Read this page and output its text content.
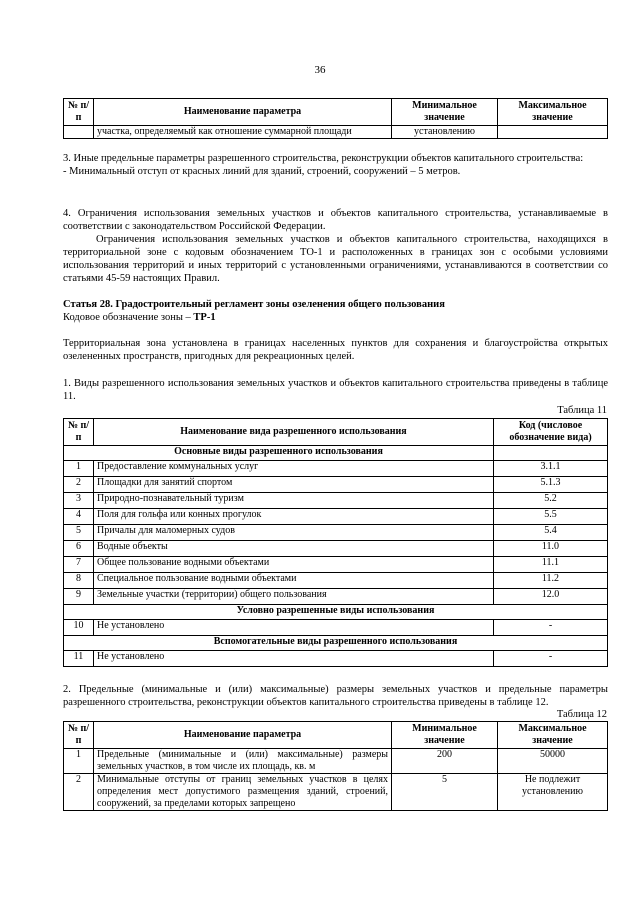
36
№ п/п	Наименование параметра	Минимальное значение	Максимальное значение
	участка, определяемый как отношение суммарной площади	установлению	

3. Иные предельные параметры разрешенного строительства, реконструкции объектов капитального строительства:
- Минимальный отступ от красных линий для зданий, строений, сооружений – 5 метров.

4. Ограничения использования земельных участков и объектов капитального строительства, устанавливаемые в соответствии с законодательством Российской Федерации.

Ограничения использования земельных участков и объектов капитального строительства, находящихся в территориальной зоне с кодовым обозначением ТО-1 и расположенных в границах зон с особыми условиями использования территорий и иных территорий с установленными ограничениями, устанавливаются в соответствии со статьями 45-59 настоящих Правил.

Статья 28. Градостроительный регламент зоны озеленения общего пользования
Кодовое обозначение зоны – ТР-1

Территориальная зона установлена в границах населенных пунктов для сохранения и благоустройства открытых озелененных пространств, пригодных для рекреационных целей.

1. Виды разрешенного использования земельных участков и объектов капитального строительства приведены в таблице 11.

Таблица 11
№ п/п	Наименование вида разрешенного использования	Код (числовое обозначение вида)
Основные виды разрешенного использования		
1	Предоставление коммунальных услуг	3.1.1
2	Площадки для занятий спортом	5.1.3
3	Природно-познавательный туризм	5.2
4	Поля для гольфа или конных прогулок	5.5
5	Причалы для маломерных судов	5.4
6	Водные объекты	11.0
7	Общее пользование водными объектами	11.1
8	Специальное пользование водными объектами	11.2
9	Земельные участки (территории) общего пользования	12.0
Условно разрешенные виды использования		
10	Не установлено	-
Вспомогательные виды разрешенного использования		
11	Не установлено	-

2. Предельные (минимальные и (или) максимальные) размеры земельных участков и предельные параметры разрешенного строительства, реконструкции объектов капитального строительства приведены в таблице 12.

Таблица 12
№ п/п	Наименование параметра	Минимальное значение	Максимальное значение
1	Предельные (минимальные и (или) максимальные) размеры земельных участков, в том числе их площадь, кв. м	200	50000
2	Минимальные отступы от границ земельных участков в целях определения мест допустимого размещения зданий, строений, сооружений, за пределами которых запрещено	5	Не подлежит установлению
